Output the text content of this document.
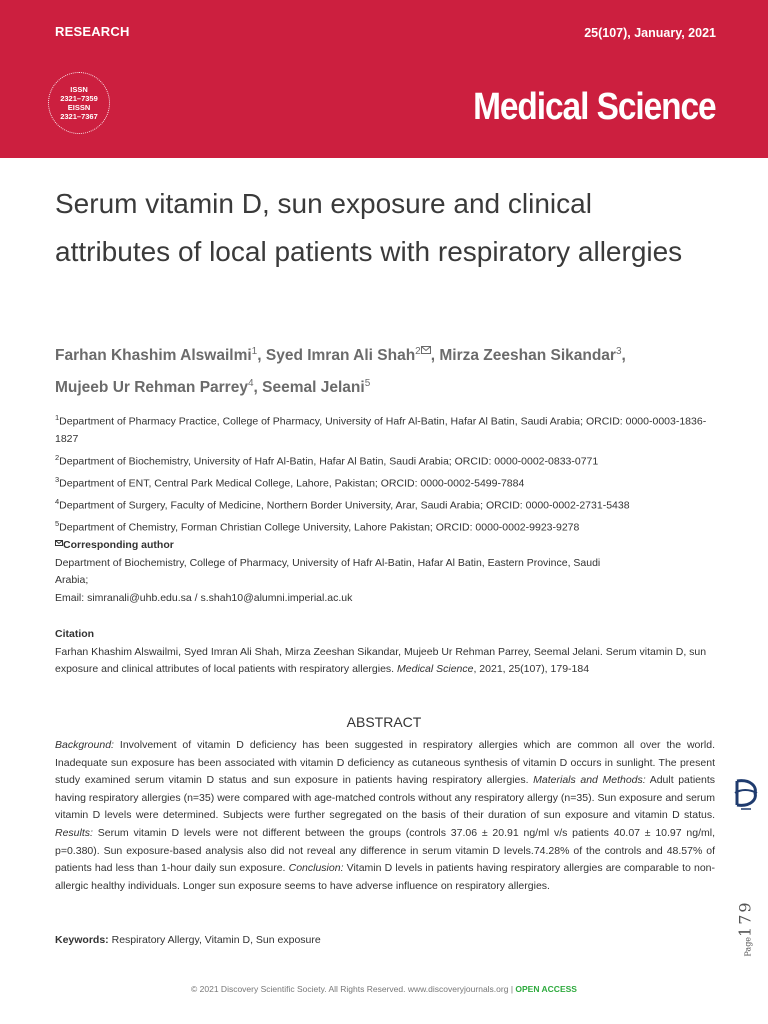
RESEARCH	25(107), January, 2021
ISSN
2321–7359
EISSN
2321–7367	Medical Science
Serum vitamin D, sun exposure and clinical attributes of local patients with respiratory allergies
Farhan Khashim Alswailmi$^1$, Syed Imran Ali Shah$^2$ , Mirza Zeeshan Sikandar$^3$,
Mujeeb Ur Rehman Parrey$^4$, Seemal Jelani$^5$
$^1$Department of Pharmacy Practice, College of Pharmacy, University of Hafr Al-Batin, Hafar Al Batin, Saudi Arabia; ORCID: 0000-0003-1836-1827
$^2$Department of Biochemistry, University of Hafr Al-Batin, Hafar Al Batin, Saudi Arabia; ORCID: 0000-0002-0833-0771
$^3$Department of ENT, Central Park Medical College, Lahore, Pakistan; ORCID: 0000-0002-5499-7884
$^4$Department of Surgery, Faculty of Medicine, Northern Border University, Arar, Saudi Arabia; ORCID: 0000-0002-2731-5438
$^5$Department of Chemistry, Forman Christian College University, Lahore Pakistan; ORCID: 0000-0002-9923-9278
Corresponding author
Department of Biochemistry, College of Pharmacy, University of Hafr Al-Batin, Hafar Al Batin, Eastern Province, Saudi Arabia;
Email: simranali@uhb.edu.sa / s.shah10@alumni.imperial.ac.uk
Citation
Farhan Khashim Alswailmi, Syed Imran Ali Shah, Mirza Zeeshan Sikandar, Mujeeb Ur Rehman Parrey, Seemal Jelani. Serum vitamin D, sun exposure and clinical attributes of local patients with respiratory allergies. Medical Science, 2021, 25(107), 179-184
ABSTRACT
Background: Involvement of vitamin D deficiency has been suggested in respiratory allergies which are common all over the world. Inadequate sun exposure has been associated with vitamin D deficiency as cutaneous synthesis of vitamin D occurs in sunlight. The present study examined serum vitamin D status and sun exposure in patients having respiratory allergies. Materials and Methods: Adult patients having respiratory allergies (n=35) were compared with age-matched controls without any respiratory allergy (n=35). Sun exposure and serum vitamin D levels were determined. Subjects were further segregated on the basis of their duration of sun exposure and vitamin D status. Results: Serum vitamin D levels were not different between the groups (controls 37.06 ± 20.91 ng/ml v/s patients 40.07 ± 10.97 ng/ml, p=0.380). Sun exposure-based analysis also did not reveal any difference in serum vitamin D levels.74.28% of the controls and 48.57% of patients had less than 1-hour daily sun exposure. Conclusion: Vitamin D levels in patients having respiratory allergies are comparable to non-allergic healthy individuals. Longer sun exposure seems to have adverse influence on respiratory allergies.
Keywords: Respiratory Allergy, Vitamin D, Sun exposure	Page179
© 2021 Discovery Scientific Society. All Rights Reserved. www.discoveryjournals.org | OPEN ACCESS
